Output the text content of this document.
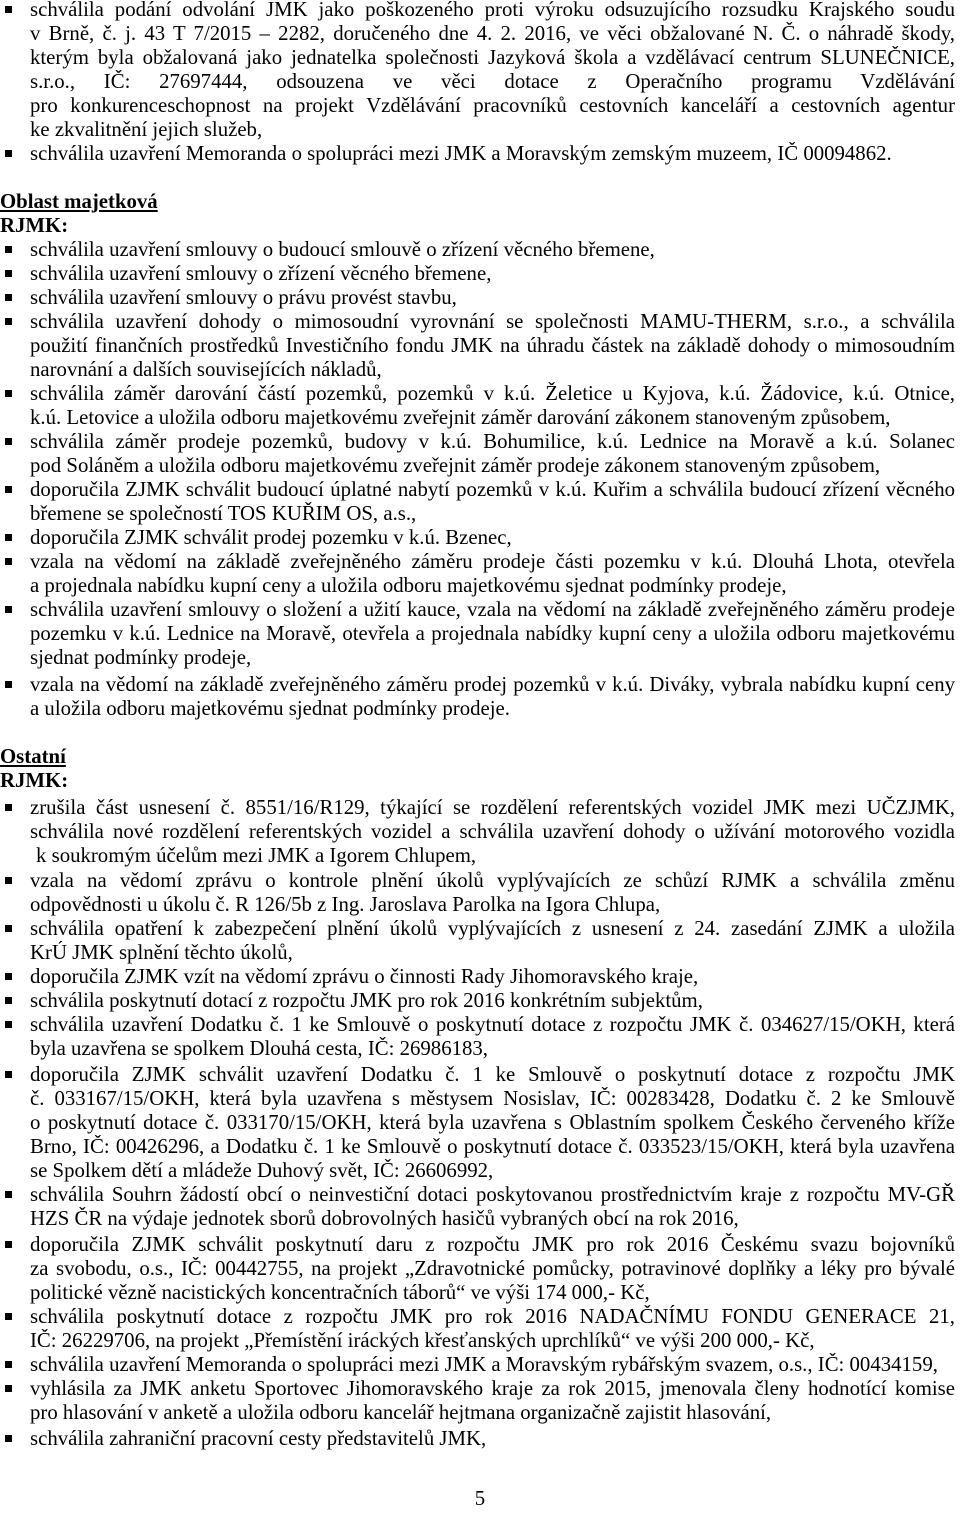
schválila podání odvolání JMK jako poškozeného proti výroku odsuzujícího rozsudku Krajského soudu
v Brně, č. j. 43 T 7/2015 – 2282, doručeného dne 4. 2. 2016, ve věci obžalované N. Č. o náhradě škody,
kterým byla obžalovaná jako jednatelka společnosti Jazyková škola a vzdělávací centrum SLUNEČNICE,
s.r.o., IČ: 27697444, odsouzena ve věci dotace z Operačního programu Vzdělávání
pro konkurenceschopnost na projekt Vzdělávání pracovníků cestovních kanceláří a cestovních agentur
ke zkvalitnění jejich služeb,
schválila uzavření Memoranda o spolupráci mezi JMK a Moravským zemským muzeem, IČ 00094862.
Oblast majetková
RJMK:
schválila uzavření smlouvy o budoucí smlouvě o zřízení věcného břemene,
schválila uzavření smlouvy o zřízení věcného břemene,
schválila uzavření smlouvy o právu provést stavbu,
schválila uzavření dohody o mimosoudní vyrovnání se společnosti MAMU-THERM, s.r.o., a schválila
použití finančních prostředků Investičního fondu JMK na úhradu částek na základě dohody o mimosoudním
narovnání a dalších souvisejících nákladů,
schválila záměr darování částí pozemků, pozemků v k.ú. Želetice u Kyjova, k.ú. Žádovice, k.ú. Otnice,
k.ú. Letovice a uložila odboru majetkovému zveřejnit záměr darování zákonem stanoveným způsobem,
schválila záměr prodeje pozemků, budovy v k.ú. Bohumilice, k.ú. Lednice na Moravě a k.ú. Solanec
pod Soláněm a uložila odboru majetkovému zveřejnit záměr prodeje zákonem stanoveným způsobem,
doporučila ZJMK schválit budoucí úplatné nabytí pozemků v k.ú. Kuřim a schválila budoucí zřízení věcného
břemene se společností TOS KUŘIM OS, a.s.,
doporučila ZJMK schválit prodej pozemku v k.ú. Bzenec,
vzala na vědomí na základě zveřejněného záměru prodeje části pozemku v k.ú. Dlouhá Lhota, otevřela
a projednala nabídku kupní ceny a uložila odboru majetkovému sjednat podmínky prodeje,
schválila uzavření smlouvy o složení a užití kauce, vzala na vědomí na základě zveřejněného záměru prodeje
pozemku v k.ú. Lednice na Moravě, otevřela a projednala nabídky kupní ceny a uložila odboru majetkovému
sjednat podmínky prodeje,
vzala na vědomí na základě zveřejněného záměru prodej pozemků v k.ú. Diváky, vybrala nabídku kupní ceny
a uložila odboru majetkovému sjednat podmínky prodeje.
Ostatní
RJMK:
zrušila část usnesení č. 8551/16/R129, týkající se rozdělení referentských vozidel JMK mezi UČZJMK,
schválila nové rozdělení referentských vozidel a schválila uzavření dohody o užívání motorového vozidla
k soukromým účelům mezi JMK a Igorem Chlupem,
vzala na vědomí zprávu o kontrole plnění úkolů vyplývajících ze schůzí RJMK a schválila změnu
odpovědnosti u úkolu č. R 126/5b z Ing. Jaroslava Parolka na Igora Chlupa,
schválila opatření k zabezpečení plnění úkolů vyplývajících z usnesení z 24. zasedání ZJMK a uložila
KrÚ JMK splnění těchto úkolů,
doporučila ZJMK vzít na vědomí zprávu o činnosti Rady Jihomoravského kraje,
schválila poskytnutí dotací z rozpočtu JMK pro rok 2016 konkrétním subjektům,
schválila uzavření Dodatku č. 1 ke Smlouvě o poskytnutí dotace z rozpočtu JMK č. 034627/15/OKH, která
byla uzavřena se spolkem Dlouhá cesta, IČ: 26986183,
doporučila ZJMK schválit uzavření Dodatku č. 1 ke Smlouvě o poskytnutí dotace z rozpočtu JMK
č. 033167/15/OKH, která byla uzavřena s městysem Nosislav, IČ: 00283428, Dodatku č. 2 ke Smlouvě
o poskytnutí dotace č. 033170/15/OKH, která byla uzavřena s Oblastním spolkem Českého červeného kříže
Brno, IČ: 00426296, a Dodatku č. 1 ke Smlouvě o poskytnutí dotace č. 033523/15/OKH, která byla uzavřena
se Spolkem dětí a mládeže Duhový svět, IČ: 26606992,
schválila Souhrn žádostí obcí o neinvestiční dotaci poskytovanou prostřednictvím kraje z rozpočtu MV-GŘ
HZS ČR na výdaje jednotek sborů dobrovolných hasičů vybraných obcí na rok 2016,
doporučila ZJMK schválit poskytnutí daru z rozpočtu JMK pro rok 2016 Českému svazu bojovníků
za svobodu, o.s., IČ: 00442755, na projekt „Zdravotnické pomůcky, potravinové doplňky a léky pro bývalé
politické vězně nacistických koncentračních táborů“ ve výši 174 000,- Kč,
schválila poskytnutí dotace z rozpočtu JMK pro rok 2016 NADAČNÍMU FONDU GENERACE 21,
IČ: 26229706, na projekt „Přemístění iráckých křesťanských uprchlíků“ ve výši 200 000,- Kč,
schválila uzavření Memoranda o spolupráci mezi JMK a Moravským rybářským svazem, o.s., IČ: 00434159,
vyhlásila za JMK anketu Sportovec Jihomoravského kraje za rok 2015, jmenovala členy hodnotící komise
pro hlasování v anketě a uložila odboru kancelář hejtmana organizačně zajistit hlasování,
schválila zahraniční pracovní cesty představitelů JMK,
5
